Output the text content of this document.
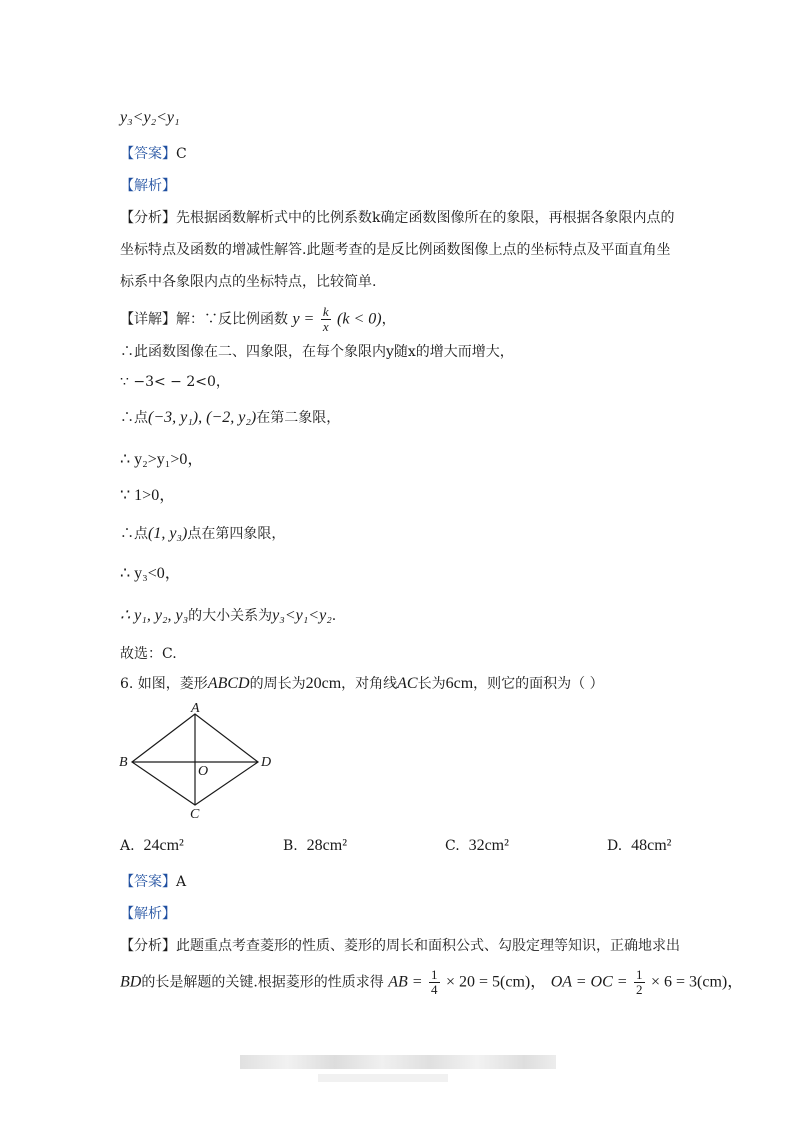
y₃<y₂<y₁
【答案】C
【解析】
【分析】先根据函数解析式中的比例系数k确定函数图像所在的象限，再根据各象限内点的
坐标特点及函数的增减性解答.此题考查的是反比例函数图像上点的坐标特点及平面直角坐
标系中各象限内点的坐标特点，比较简单.
【详解】解：∵反比例函数 $y = \frac{k}{x} (k < 0)$，
∴此函数图像在二、四象限，在每个象限内y随x的增大而增大，
∵ −3< − 2<0，
∴点(−3, y₁), (−2, y₂)在第二象限，
∴ y₂>y₁>0，
∵ 1>0，
∴点(1, y₃)点在第四象限，
∴ y₃<0，
∴ y₁, y₂, y₃的大小关系为y₃<y₁<y₂.
故选：C.
6. 如图，菱形ABCD的周长为20cm，对角线AC长为6cm，则它的面积为（ ）
A
B
C
D
O
A. 24cm²	B. 28cm²	C. 32cm²	D. 48cm²
【答案】A
【解析】
【分析】此题重点考查菱形的性质、菱形的周长和面积公式、勾股定理等知识，正确地求出
BD的长是解题的关键.根据菱形的性质求得 AB = $\frac{1}{4} \times 20 = 5(cm)$， OA = OC = $\frac{1}{2} \times 6 = 3(cm)$，
